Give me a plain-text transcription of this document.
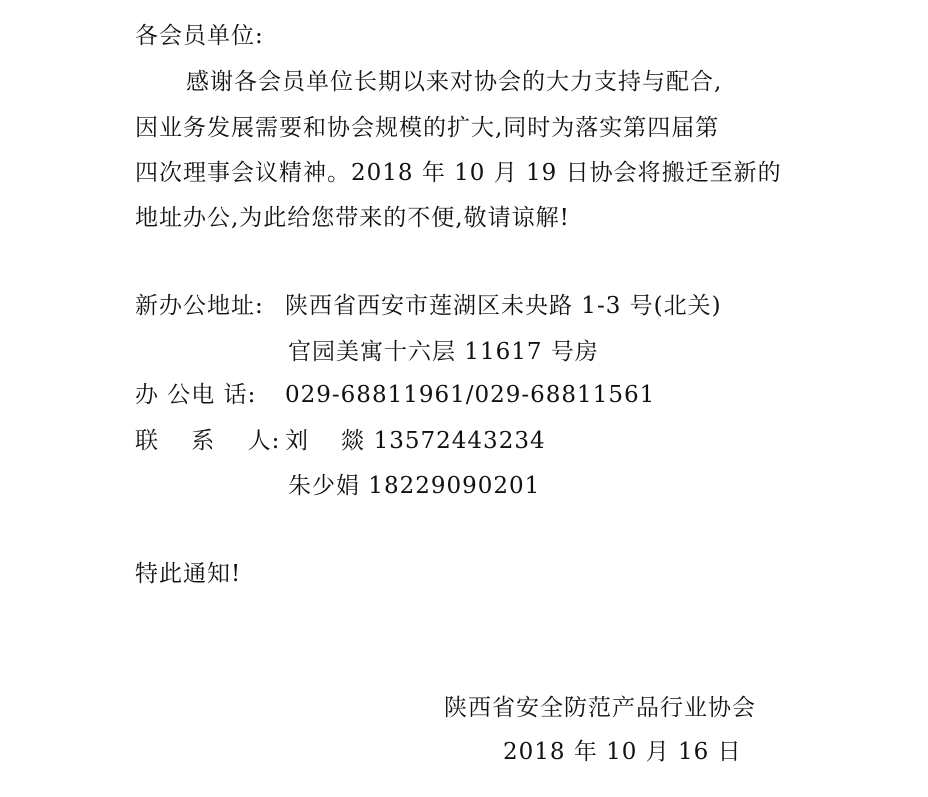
各会员单位:
感谢各会员单位长期以来对协会的大力支持与配合,
因业务发展需要和协会规模的扩大,同时为落实第四届第
四次理事会议精神。2018 年 10 月 19 日协会将搬迁至新的
地址办公,为此给您带来的不便,敬请谅解!
新办公地址: 陕西省西安市莲湖区未央路 1-3 号(北关)
官园美寓十六层 11617 号房
办 公电 话: 029-68811961/029-68811561
联　 系　 人: 刘　 燚 13572443234
朱少娟 18229090201
特此通知!
陕西省安全防范产品行业协会
2018 年 10 月 16 日
